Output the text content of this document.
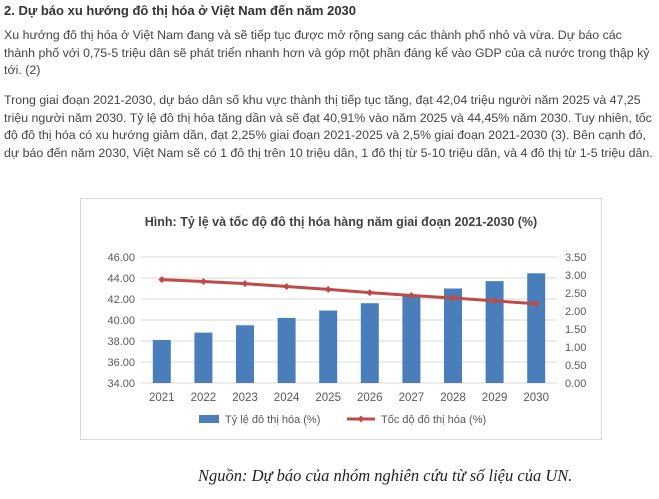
2. Dự báo xu hướng đô thị hóa ở Việt Nam đến năm 2030
Xu hướng đô thị hóa ở Việt Nam đang và sẽ tiếp tục được mở rộng sang các thành phố nhỏ và vừa. Dự báo các thành phố với 0,75-5 triệu dân sẽ phát triển nhanh hơn và góp một phần đáng kể vào GDP của cả nước trong thập kỷ tới. (2)
Trong giai đoạn 2021-2030, dự báo dân số khu vực thành thị tiếp tục tăng, đạt 42,04 triệu người năm 2025 và 47,25 triệu người năm 2030. Tỷ lệ đô thị hóa tăng dần và sẽ đạt 40,91% vào năm 2025 và 44,45% năm 2030. Tuy nhiên, tốc độ đô thị hóa có xu hướng giảm dần, đạt 2,25% giai đoạn 2021-2025 và 2,5% giai đoạn 2021-2030 (3). Bên cạnh đó, dự báo đến năm 2030, Việt Nam sẽ có 1 đô thị trên 10 triệu dân, 1 đô thị từ 5-10 triệu dân, và 4 đô thị từ 1-5 triệu dân.
Hình: Tỷ lệ và tốc độ đô thị hóa hàng năm giai đoạn 2021-2030 (%)
34.00
36.00
38.00
40.00
42.00
44.00
46.00
0.00
0.50
1.00
1.50
2.00
2.50
3.00
3.50
2021 2022 2023 2024 2025 2026 2027 2028 2029 2030
Tỷ lệ đô thị hóa (%)	Tốc độ đô thị hóa (%)
Nguồn: Dự báo của nhóm nghiên cứu từ số liệu của UN.
